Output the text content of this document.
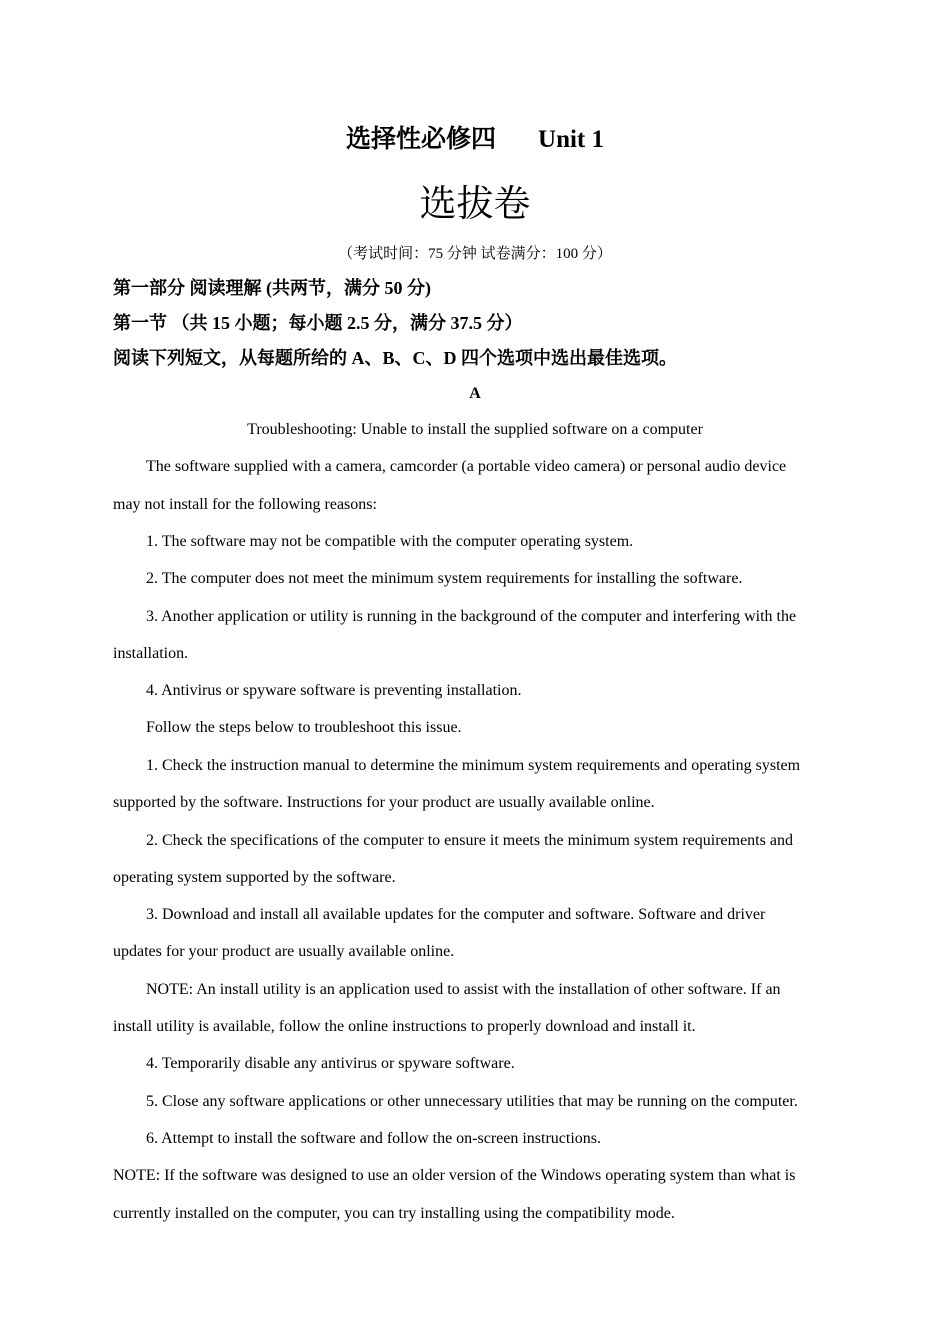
选择性必修四 Unit 1
选拔卷
（考试时间：75 分钟 试卷满分：100 分）
第一部分 阅读理解 (共两节，满分 50 分)
第一节 （共 15 小题；每小题 2.5 分，满分 37.5 分）
阅读下列短文，从每题所给的 A、B、C、D 四个选项中选出最佳选项。
A
Troubleshooting: Unable to install the supplied software on a computer
The software supplied with a camera, camcorder (a portable video camera) or personal audio device
may not install for the following reasons:
1. The software may not be compatible with the computer operating system.
2. The computer does not meet the minimum system requirements for installing the software.
3. Another application or utility is running in the background of the computer and interfering with the
installation.
4. Antivirus or spyware software is preventing installation.
Follow the steps below to troubleshoot this issue.
1. Check the instruction manual to determine the minimum system requirements and operating system
supported by the software. Instructions for your product are usually available online.
2. Check the specifications of the computer to ensure it meets the minimum system requirements and
operating system supported by the software.
3. Download and install all available updates for the computer and software. Software and driver
updates for your product are usually available online.
NOTE: An install utility is an application used to assist with the installation of other software. If an
install utility is available, follow the online instructions to properly download and install it.
4. Temporarily disable any antivirus or spyware software.
5. Close any software applications or other unnecessary utilities that may be running on the computer.
6. Attempt to install the software and follow the on-screen instructions.
NOTE: If the software was designed to use an older version of the Windows operating system than what is
currently installed on the computer, you can try installing using the compatibility mode.
